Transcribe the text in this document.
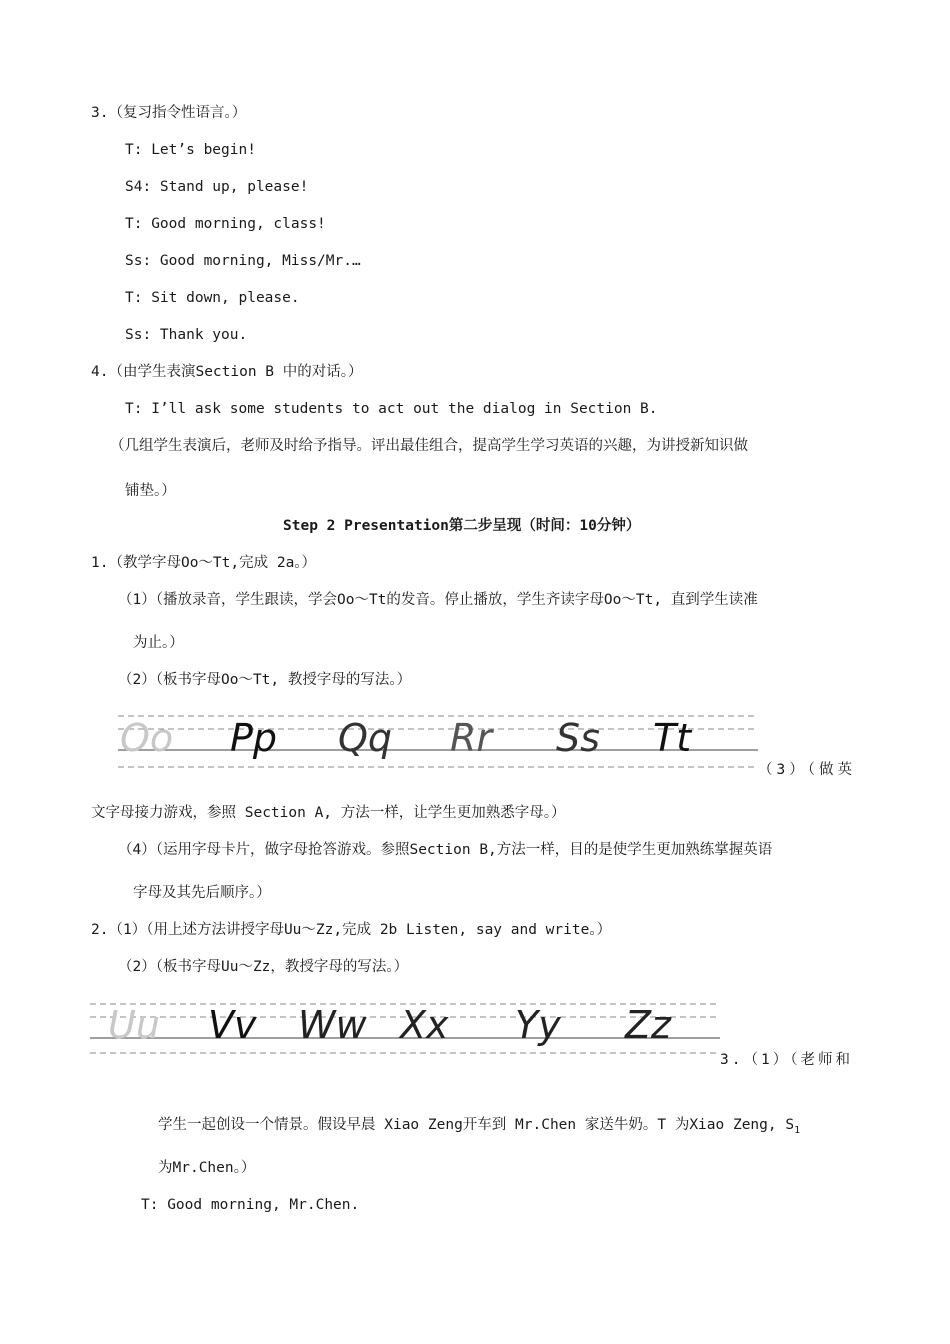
3.（复习指令性语言。）
T: Let’s begin!
S4: Stand up, please!
T: Good morning, class!
Ss: Good morning, Miss/Mr.…
T: Sit down, please.
Ss: Thank you.
4.（由学生表演Section B 中的对话。）
T: I’ll ask some students to act out the dialog in Section B.
（几组学生表演后，老师及时给予指导。评出最佳组合，提高学生学习英语的兴趣，为讲授新知识做
铺垫。）
Step 2 Presentation第二步呈现（时间：10分钟）
1.（教学字母Oo～Tt,完成 2a。）
（1）（播放录音，学生跟读，学会Oo～Tt的发音。停止播放，学生齐读字母Oo～Tt, 直到学生读准
为止。）
（2）（板书字母Oo～Tt, 教授字母的写法。）
Oo Pp Qq Rr Ss Tt
（3）（做英
文字母接力游戏，参照 Section A, 方法一样，让学生更加熟悉字母。）
（4）（运用字母卡片，做字母抢答游戏。参照Section B,方法一样，目的是使学生更加熟练掌握英语
字母及其先后顺序。）
2.（1）（用上述方法讲授字母Uu～Zz,完成 2b Listen, say and write。）
（2）（板书字母Uu～Zz，教授字母的写法。）
Uu Vv Ww Xx Yy Zz
3.（1）（老师和
学生一起创设一个情景。假设早晨 Xiao Zeng开车到 Mr.Chen 家送牛奶。T 为Xiao Zeng, $S_1$
为Mr.Chen。）
T: Good morning, Mr.Chen.
